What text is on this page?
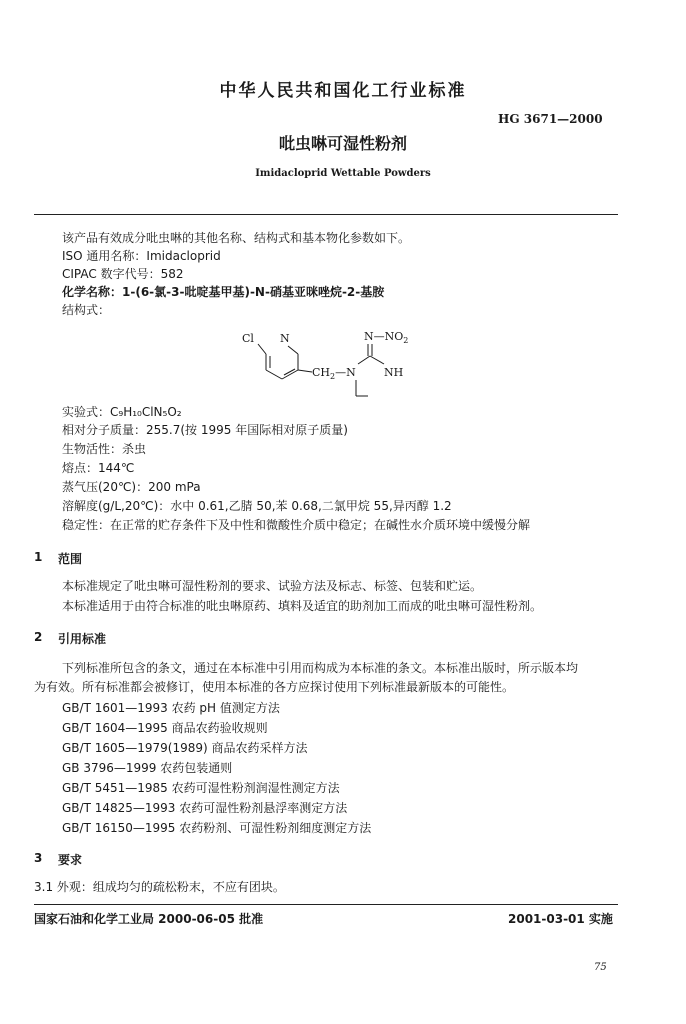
中华人民共和国化工行业标准
HG 3671—2000
吡虫啉可湿性粉剂
Imidacloprid Wettable Powders
该产品有效成分吡虫啉的其他名称、结构式和基本物化参数如下。
ISO 通用名称：Imidacloprid
CIPAC 数字代号：582
化学名称：1-(6-氯-3-吡啶基甲基)-N-硝基亚咪唑烷-2-基胺
结构式：
Cl N	$N—NO_2$
$CH_2—N$	NH
实验式：C₉H₁₀ClN₅O₂
相对分子质量：255.7(按 1995 年国际相对原子质量)
生物活性：杀虫
熔点：144℃
蒸气压(20℃)：200 mPa
溶解度(g/L,20℃)：水中 0.61,乙腈 50,苯 0.68,二氯甲烷 55,异丙醇 1.2
稳定性：在正常的贮存条件下及中性和微酸性介质中稳定；在碱性水介质环境中缓慢分解
1 范围
本标准规定了吡虫啉可湿性粉剂的要求、试验方法及标志、标签、包装和贮运。
本标准适用于由符合标准的吡虫啉原药、填料及适宜的助剂加工而成的吡虫啉可湿性粉剂。
2 引用标准
下列标准所包含的条文，通过在本标准中引用而构成为本标准的条文。本标准出版时，所示版本均
为有效。所有标准都会被修订，使用本标准的各方应探讨使用下列标准最新版本的可能性。
GB/T 1601—1993 农药 pH 值测定方法
GB/T 1604—1995 商品农药验收规则
GB/T 1605—1979(1989) 商品农药采样方法
GB 3796—1999 农药包装通则
GB/T 5451—1985 农药可湿性粉剂润湿性测定方法
GB/T 14825—1993 农药可湿性粉剂悬浮率测定方法
GB/T 16150—1995 农药粉剂、可湿性粉剂细度测定方法
3 要求
3.1 外观：组成均匀的疏松粉末，不应有团块。
国家石油和化学工业局 2000-06-05 批准	2001-03-01 实施
75
